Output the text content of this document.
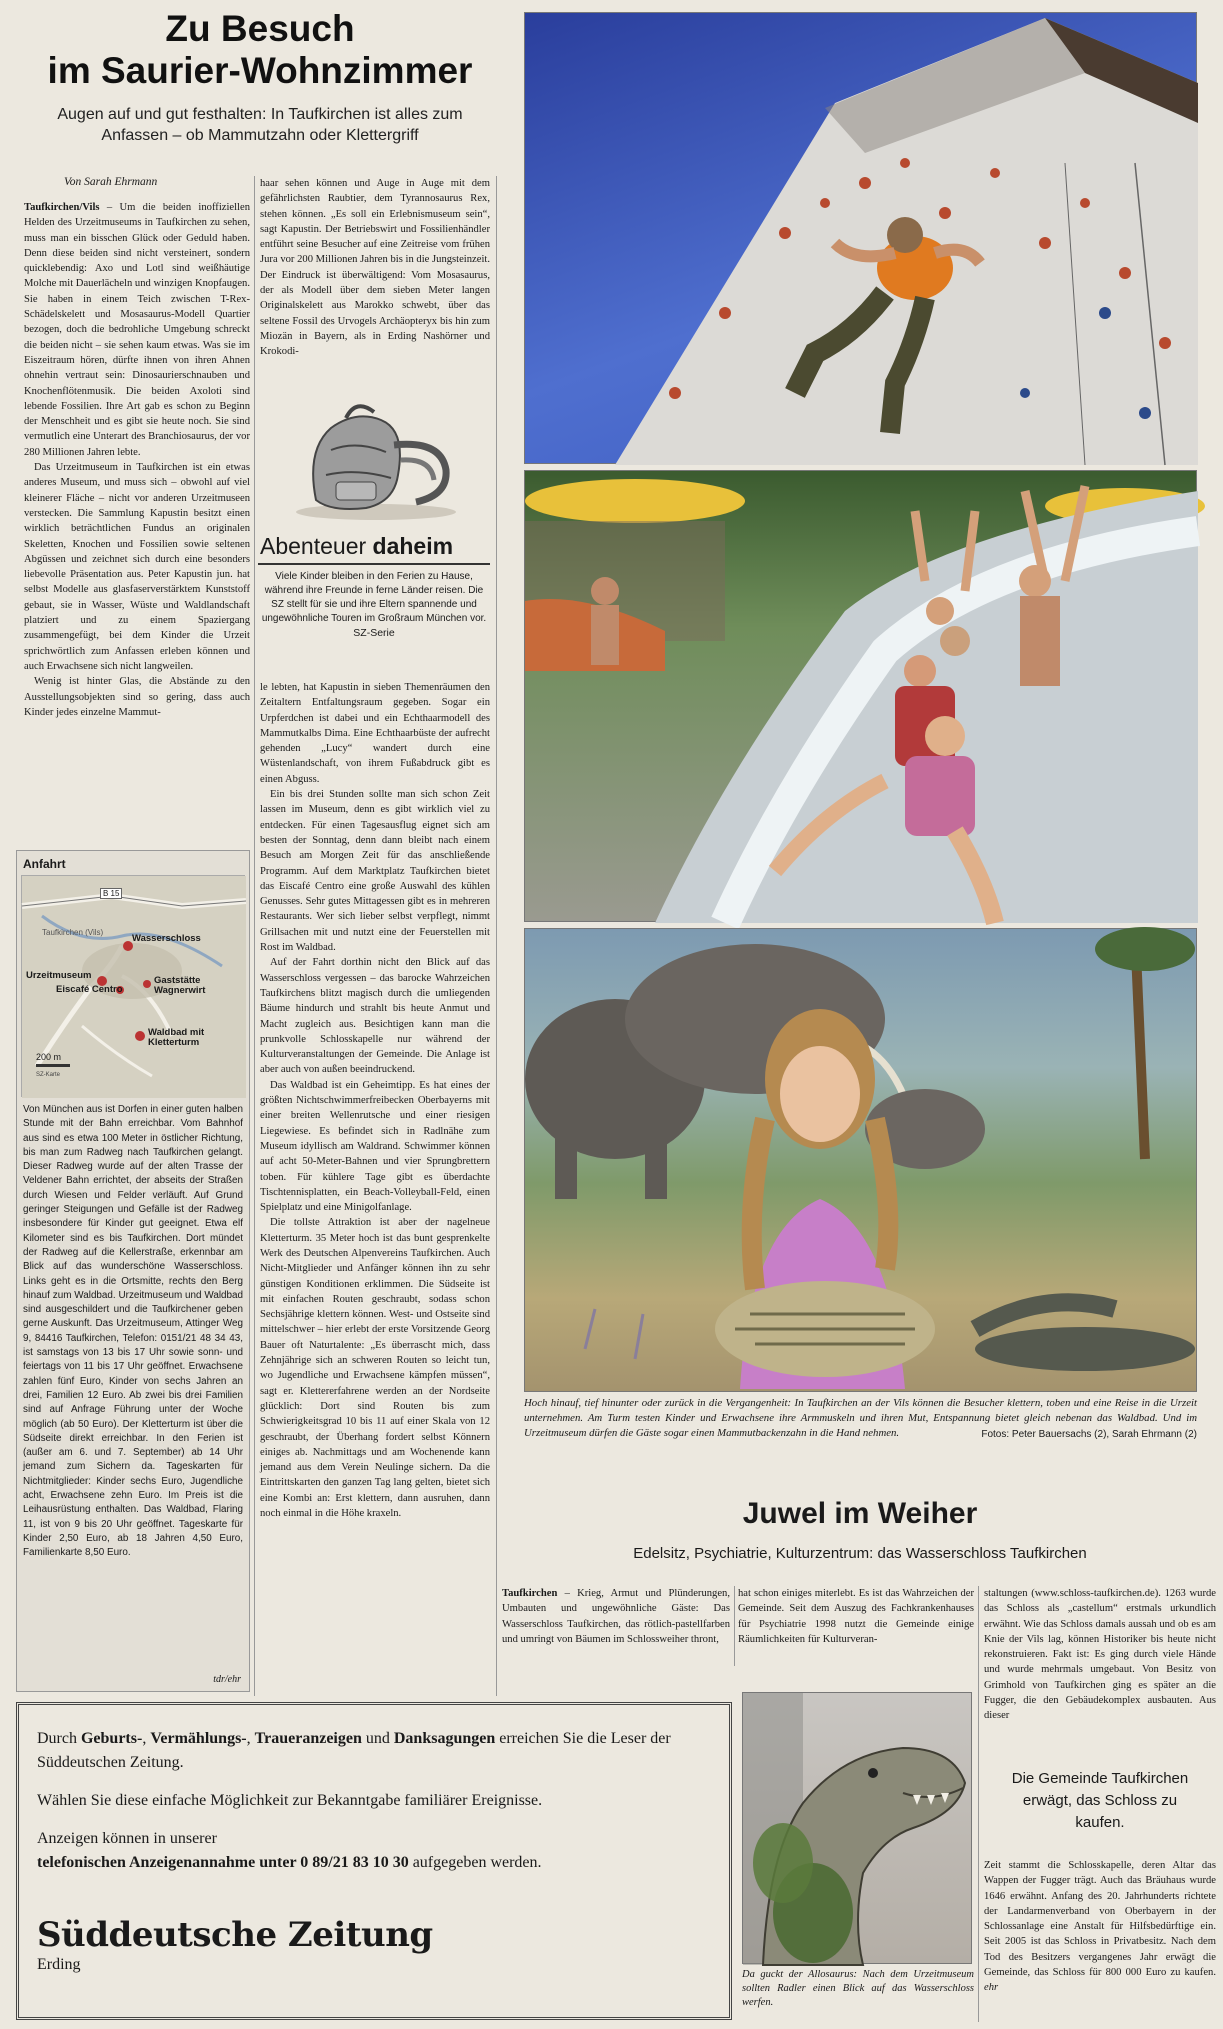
Zu Besuch
im Saurier-Wohnzimmer
Augen auf und gut festhalten: In Taufkirchen ist alles zum Anfassen – ob Mammutzahn oder Klettergriff
Von Sarah Ehrmann

Taufkirchen/Vils – Um die beiden inoffiziellen Helden des Urzeitmuseums in Taufkirchen zu sehen, muss man ein bisschen Glück oder Geduld haben. Denn diese beiden sind nicht versteinert, sondern quicklebendig: Axo und Lotl sind weißhäutige Molche mit Dauerlächeln und winzigen Knopfaugen. Sie haben in einem Teich zwischen T-Rex-Schädelskelett und Mosasaurus-Modell Quartier bezogen, doch die bedrohliche Umgebung schreckt die beiden nicht – sie sehen kaum etwas. Was sie im Eiszeitraum hören, dürfte ihnen von ihren Ahnen ohnehin vertraut sein: Dinosaurierschnauben und Knochenflötenmusik. Die beiden Axoloti sind lebende Fossilien. Ihre Art gab es schon zu Beginn der Menschheit und es gibt sie heute noch. Sie sind vermutlich eine Unterart des Branchiosaurus, der vor 280 Millionen Jahren lebte.

Das Urzeitmuseum in Taufkirchen ist ein etwas anderes Museum, und muss sich – obwohl auf viel kleinerer Fläche – nicht vor anderen Urzeitmuseen verstecken. Die Sammlung Kapustin besitzt einen wirklich beträchtlichen Fundus an originalen Skeletten, Knochen und Fossilien sowie seltenen Abgüssen und zeichnet sich durch eine besonders liebevolle Präsentation aus. Peter Kapustin jun. hat selbst Modelle aus glasfaserverstärktem Kunststoff gebaut, sie in Wasser, Wüste und Waldlandschaft platziert und zu einem Spaziergang zusammengefügt, bei dem Kinder die Urzeit sprichwörtlich zum Anfassen erleben können und auch Erwachsene sich nicht langweilen.

Wenig ist hinter Glas, die Abstände zu den Ausstellungsobjekten sind so gering, dass auch Kinder jedes einzelne Mammut-

haar sehen können und Auge in Auge mit dem gefährlichsten Raubtier, dem Tyrannosaurus Rex, stehen können. „Es soll ein Erlebnismuseum sein“, sagt Kapustin. Der Betriebswirt und Fossilienhändler entführt seine Besucher auf eine Zeitreise vom frühen Jura vor 200 Millionen Jahren bis in die Jungsteinzeit. Der Eindruck ist überwältigend: Vom Mosasaurus, der als Modell über dem sieben Meter langen Originalskelett aus Marokko schwebt, über das seltene Fossil des Urvogels Archäopteryx bis hin zum Miozän in Bayern, als in Erding Nashörner und Krokodi-

Abenteuer daheim
Viele Kinder bleiben in den Ferien zu Hause, während ihre Freunde in ferne Länder reisen. Die SZ stellt für sie und ihre Eltern spannende und ungewöhnliche Touren im Großraum München vor.
SZ-Serie

le lebten, hat Kapustin in sieben Themenräumen den Zeitaltern Entfaltungsraum gegeben. Sogar ein Urpferdchen ist dabei und ein Echthaarmodell des Mammutkalbs Dima. Eine Echthaarbüste der aufrecht gehenden „Lucy“ wandert durch eine Wüstenlandschaft, von ihrem Fußabdruck gibt es einen Abguss.

Ein bis drei Stunden sollte man sich schon Zeit lassen im Museum, denn es gibt wirklich viel zu entdecken. Für einen Tagesausflug eignet sich am besten der Sonntag, denn dann bleibt nach einem Besuch am Morgen Zeit für das anschließende Programm. Auf dem Marktplatz Taufkirchen bietet das Eiscafé Centro eine große Auswahl des kühlen Genusses. Sehr gutes Mittagessen gibt es in mehreren Restaurants. Wer sich lieber selbst verpflegt, nimmt Grillsachen mit und nutzt eine der Feuerstellen mit Rost im Waldbad.

Auf der Fahrt dorthin nicht den Blick auf das Wasserschloss vergessen – das barocke Wahrzeichen Taufkirchens blitzt magisch durch die umliegenden Bäume hindurch und strahlt bis heute Anmut und Macht zugleich aus. Besichtigen kann man die prunkvolle Schlosskapelle nur während der Kulturveranstaltungen der Gemeinde. Die Anlage ist aber auch von außen beeindruckend.

Das Waldbad ist ein Geheimtipp. Es hat eines der größten Nichtschwimmerfreibecken Oberbayerns mit einer breiten Wellenrutsche und einer riesigen Liegewiese. Es befindet sich in Radlnähe zum Museum idyllisch am Waldrand. Schwimmer können auf acht 50-Meter-Bahnen und vier Sprungbrettern toben. Für kühlere Tage gibt es überdachte Tischtennisplatten, ein Beach-Volleyball-Feld, einen Spielplatz und eine Minigolfanlage.

Die tollste Attraktion ist aber der nagelneue Kletterturm. 35 Meter hoch ist das bunt gesprenkelte Werk des Deutschen Alpenvereins Taufkirchen. Auch Nicht-Mitglieder und Anfänger können ihn zu sehr günstigen Konditionen erklimmen. Die Südseite ist mit einfachen Routen geschraubt, sodass schon Sechsjährige klettern können. West- und Ostseite sind mittelschwer – hier erlebt der erste Vorsitzende Georg Bauer oft Naturtalente: „Es überrascht mich, dass Zehnjährige sich an schweren Routen so leicht tun, wo Jugendliche und Erwachsene kämpfen müssen“, sagt er. Klettererfahrene werden an der Nordseite glücklich: Dort sind Routen bis zum Schwierigkeitsgrad 10 bis 11 auf einer Skala von 12 geschraubt, der Überhang fordert selbst Könnern einiges ab. Nachmittags und am Wochenende kann jemand aus dem Verein Neulinge sichern. Da die Eintrittskarten den ganzen Tag lang gelten, bietet sich eine Kombi an: Erst klettern, dann ausruhen, dann noch einmal in die Höhe kraxeln.

Anfahrt
B 15
Taufkirchen (Vils)
Wasserschloss
Urzeitmuseum
Eiscafé Centro
Gaststätte Wagnerwirt
Waldbad mit Kletterturm
200 m
SZ-Karte
Von München aus ist Dorfen in einer guten halben Stunde mit der Bahn erreichbar. Vom Bahnhof aus sind es etwa 100 Meter in östlicher Richtung, bis man zum Radweg nach Taufkirchen gelangt. Dieser Radweg wurde auf der alten Trasse der Veldener Bahn errichtet, der abseits der Straßen durch Wiesen und Felder verläuft. Auf Grund geringer Steigungen und Gefälle ist der Radweg insbesondere für Kinder gut geeignet. Etwa elf Kilometer sind es bis Taufkirchen. Dort mündet der Radweg auf die Kellerstraße, erkennbar am Blick auf das wunderschöne Wasserschloss. Links geht es in die Ortsmitte, rechts den Berg hinauf zum Waldbad. Urzeitmuseum und Waldbad sind ausgeschildert und die Taufkirchener geben gerne Auskunft. Das Urzeitmuseum, Attinger Weg 9, 84416 Taufkirchen, Telefon: 0151/21 48 34 43, ist samstags von 13 bis 17 Uhr sowie sonn- und feiertags von 11 bis 17 Uhr geöffnet. Erwachsene zahlen fünf Euro, Kinder von sechs Jahren an drei, Familien 12 Euro. Ab zwei bis drei Familien sind auf Anfrage Führung unter der Woche möglich (ab 50 Euro). Der Kletterturm ist über die Südseite direkt erreichbar. In den Ferien ist (außer am 6. und 7. September) ab 14 Uhr jemand zum Sichern da. Tageskarten für Nichtmitglieder: Kinder sechs Euro, Jugendliche acht, Erwachsene zehn Euro. Im Preis ist die Leihausrüstung enthalten. Das Waldbad, Flaring 11, ist von 9 bis 20 Uhr geöffnet. Tageskarte für Kinder 2,50 Euro, ab 18 Jahren 4,50 Euro, Familienkarte 8,50 Euro.
tdr/ehr
Hoch hinauf, tief hinunter oder zurück in die Vergangenheit: In Taufkirchen an der Vils können die Besucher klettern, toben und eine Reise in die Urzeit unternehmen. Am Turm testen Kinder und Erwachsene ihre Armmuskeln und ihren Mut, Entspannung bietet gleich nebenan das Waldbad. Und im Urzeitmuseum dürfen die Gäste sogar einen Mammutbackenzahn in die Hand nehmen.	Fotos: Peter Bauersachs (2), Sarah Ehrmann (2)
Juwel im Weiher
Edelsitz, Psychiatrie, Kulturzentrum: das Wasserschloss Taufkirchen

Taufkirchen – Krieg, Armut und Plünderungen, Umbauten und ungewöhnliche Gäste: Das Wasserschloss Taufkirchen, das rötlich-pastellfarben und umringt von Bäumen im Schlossweiher thront,

hat schon einiges miterlebt. Es ist das Wahrzeichen der Gemeinde. Seit dem Auszug des Fachkrankenhauses für Psychiatrie 1998 nutzt die Gemeinde einige Räumlichkeiten für Kulturveran-

staltungen (www.schloss-taufkirchen.de). 1263 wurde das Schloss als „castellum“ erstmals urkundlich erwähnt. Wie das Schloss damals aussah und ob es am Knie der Vils lag, können Historiker bis heute nicht rekonstruieren. Fakt ist: Es ging durch viele Hände und wurde mehrmals umgebaut. Von Besitz von Grimhold von Taufkirchen ging es später an die Fugger, die den Gebäudekomplex ausbauten. Aus dieser

Die Gemeinde Taufkirchen erwägt, das Schloss zu kaufen.

Zeit stammt die Schlosskapelle, deren Altar das Wappen der Fugger trägt. Auch das Bräuhaus wurde 1646 erwähnt. Anfang des 20. Jahrhunderts richtete der Landarmenverband von Oberbayern in der Schlossanlage eine Anstalt für Hilfsbedürftige ein. Seit 2005 ist das Schloss in Privatbesitz. Nach dem Tod des Besitzers vergangenes Jahr erwägt die Gemeinde, das Schloss für 800 000 Euro zu kaufen. ehr

Da guckt der Allosaurus: Nach dem Urzeitmuseum sollten Radler einen Blick auf das Wasserschloss werfen.
Durch Geburts-, Vermählungs-, Traueranzeigen und Danksagungen erreichen Sie die Leser der Süddeutschen Zeitung.
Wählen Sie diese einfache Möglichkeit zur Bekanntgabe familiärer Ereignisse.
Anzeigen können in unserer
telefonischen Anzeigenannahme unter 0 89/21 83 10 30 aufgegeben werden.
Süddeutsche Zeitung
Erding
